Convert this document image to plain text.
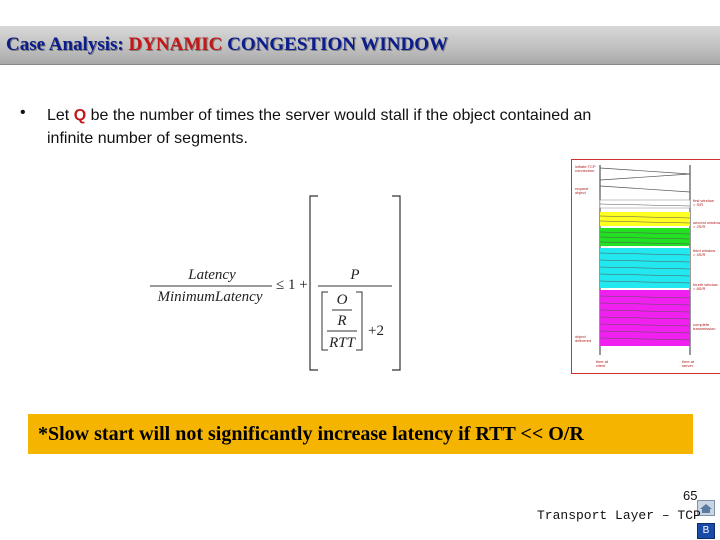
Case Analysis: DYNAMIC CONGESTION WINDOW
• Let Q be the number of times the server would stall if the object contained an infinite number of segments.
Latency
MinimumLatency
≤ 1 +
P
O
R
RTT
+2
initiate TCP
connection
request
object
first window
= S/R
second window
= 2S/R
third window
= 4S/R
fourth window
= 8S/R
complete
transmission
object
delivered
time at
client
time at
server
*Slow start will not significantly increase latency if RTT << O/R
65
Transport Layer – TCP
B
